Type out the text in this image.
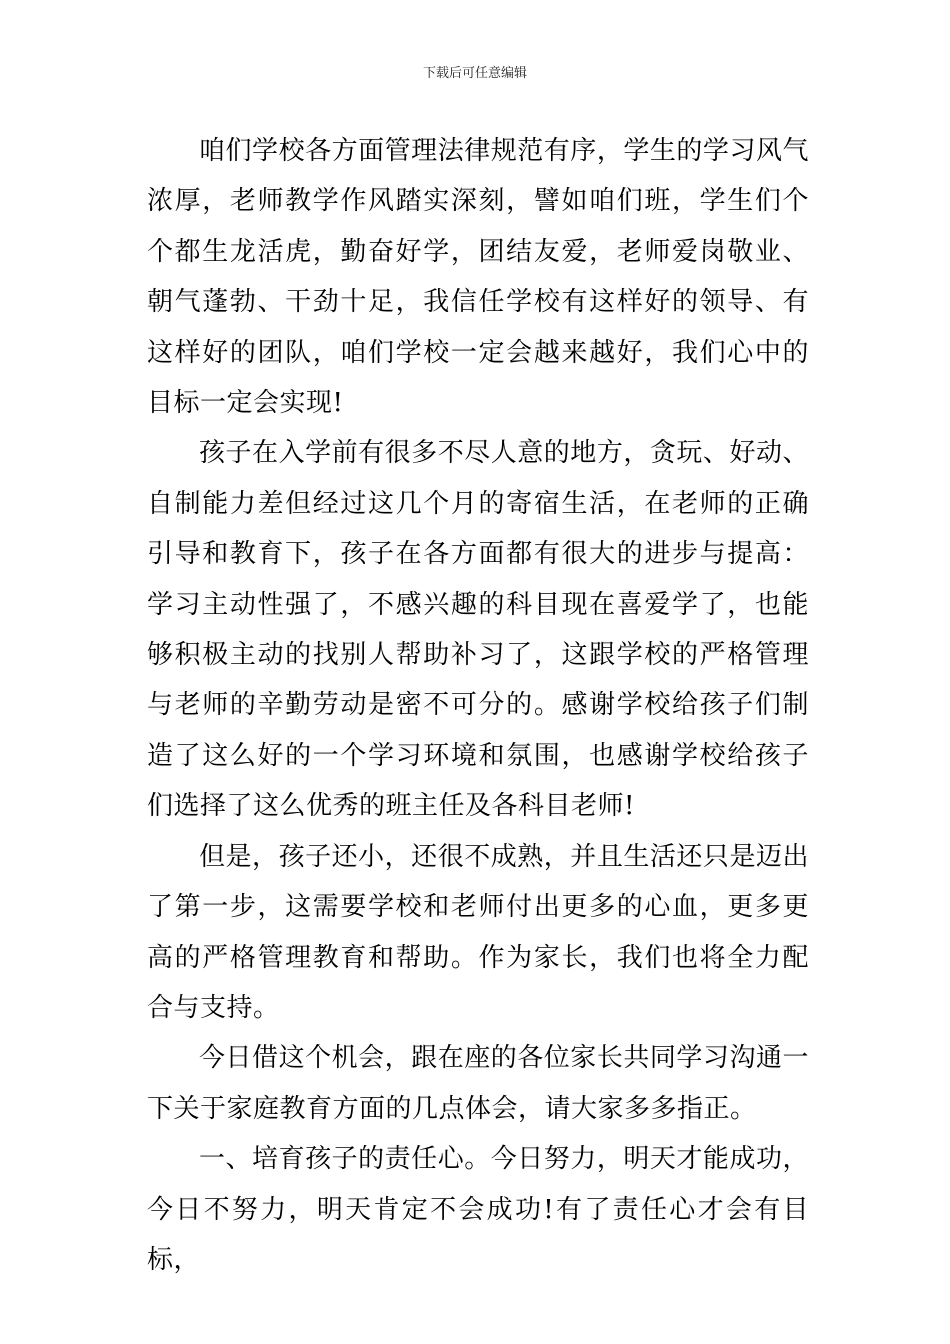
下载后可任意编辑

咱们学校各方面管理法律规范有序，学生的学习风气浓厚，老师教学作风踏实深刻，譬如咱们班，学生们个个都生龙活虎，勤奋好学，团结友爱，老师爱岗敬业、朝气蓬勃、干劲十足，我信任学校有这样好的领导、有这样好的团队，咱们学校一定会越来越好，我们心中的目标一定会实现!

孩子在入学前有很多不尽人意的地方，贪玩、好动、自制能力差但经过这几个月的寄宿生活，在老师的正确引导和教育下，孩子在各方面都有很大的进步与提高：学习主动性强了，不感兴趣的科目现在喜爱学了，也能够积极主动的找别人帮助补习了，这跟学校的严格管理与老师的辛勤劳动是密不可分的。感谢学校给孩子们制造了这么好的一个学习环境和氛围，也感谢学校给孩子们选择了这么优秀的班主任及各科目老师!

但是，孩子还小，还很不成熟，并且生活还只是迈出了第一步，这需要学校和老师付出更多的心血，更多更高的严格管理教育和帮助。作为家长，我们也将全力配合与支持。

今日借这个机会，跟在座的各位家长共同学习沟通一下关于家庭教育方面的几点体会，请大家多多指正。

一、培育孩子的责任心。今日努力，明天才能成功，今日不努力，明天肯定不会成功!有了责任心才会有目标，
